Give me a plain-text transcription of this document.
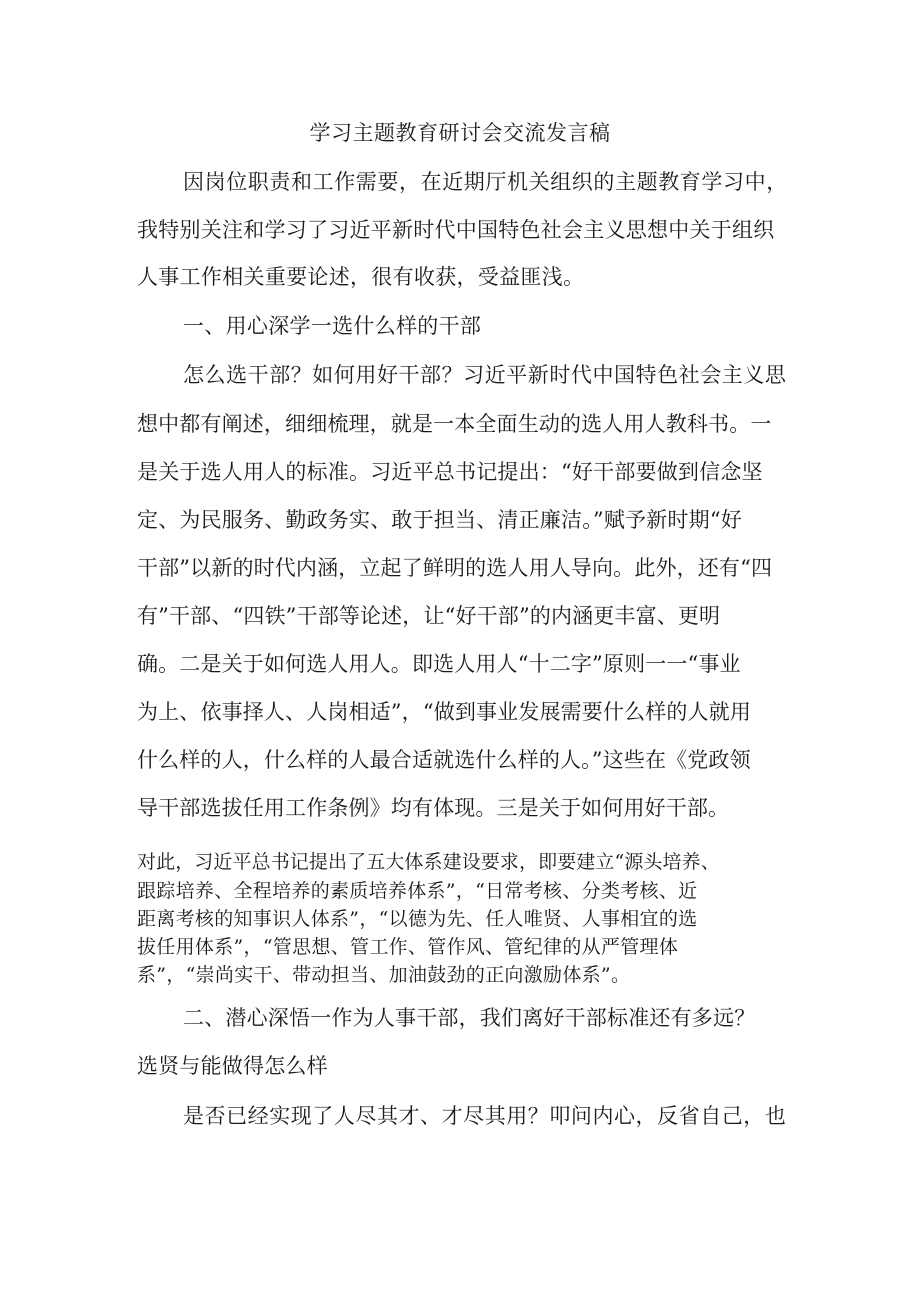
学习主题教育研讨会交流发言稿
因岗位职责和工作需要，在近期厅机关组织的主题教育学习中，
我特别关注和学习了习近平新时代中国特色社会主义思想中关于组织
人事工作相关重要论述，很有收获，受益匪浅。
一、用心深学一选什么样的干部
怎么选干部？如何用好干部？习近平新时代中国特色社会主义思
想中都有阐述，细细梳理，就是一本全面生动的选人用人教科书。一
是关于选人用人的标准。习近平总书记提出：“好干部要做到信念坚
定、为民服务、勤政务实、敢于担当、清正廉洁。”赋予新时期“好
干部”以新的时代内涵，立起了鲜明的选人用人导向。此外，还有“四
有”干部、“四铁”干部等论述，让“好干部”的内涵更丰富、更明
确。二是关于如何选人用人。即选人用人“十二字”原则一一“事业
为上、依事择人、人岗相适”，“做到事业发展需要什么样的人就用
什么样的人，什么样的人最合适就选什么样的人。”这些在《党政领
导干部选拔任用工作条例》均有体现。三是关于如何用好干部。
对此，习近平总书记提出了五大体系建设要求，即要建立“源头培养、
跟踪培养、全程培养的素质培养体系”，“日常考核、分类考核、近
距离考核的知事识人体系”，“以德为先、任人唯贤、人事相宜的选
拔任用体系”，“管思想、管工作、管作风、管纪律的从严管理体
系”，“崇尚实干、带动担当、加油鼓劲的正向激励体系”。
二、潜心深悟一作为人事干部，我们离好干部标准还有多远？
选贤与能做得怎么样
是否已经实现了人尽其才、才尽其用？叩问内心，反省自己，也
